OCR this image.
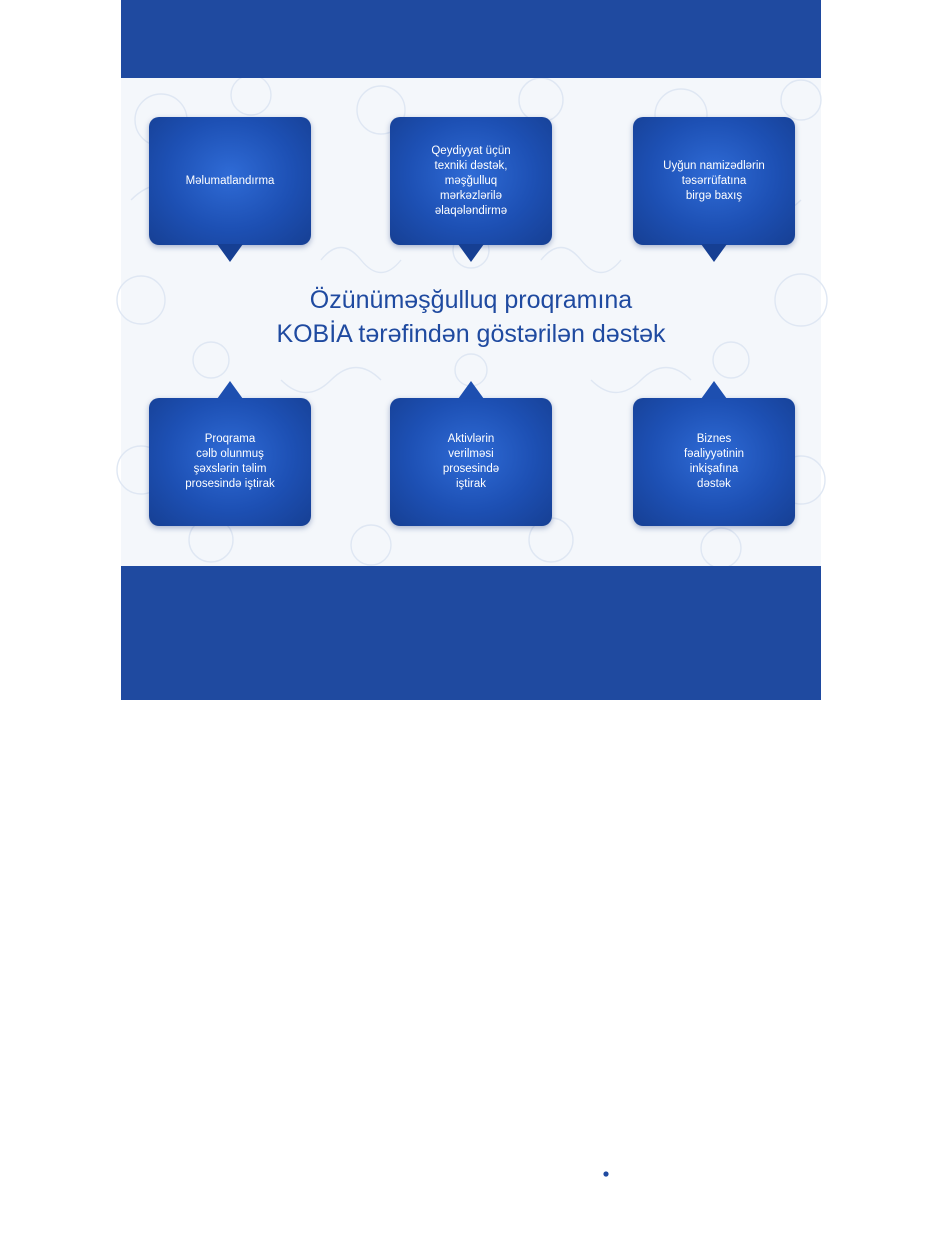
Məlumatlandırma
Qeydiyyat üçün
texniki dəstək,
məşğulluq
mərkəzlərilə
əlaqələndirmə
Uyğun namizədlərin
təsərrüfatına
birgə baxış
Özünüməşğulluq proqramına
KOBİA tərəfindən göstərilən dəstək
Proqrama
cəlb olunmuş
şəxslərin təlim
prosesində iştirak
Aktivlərin
verilməsi
prosesində
iştirak
Biznes
fəaliyyətinin
inkişafına
dəstək
Azərbaycan Respublikası
Əmək və Əhalinin
Sosial Müdafiəsi Nazirliyi
Dövlət
Məşğulluq
Agentliyi
KOB
Azərbaycan Respublikasının
Kiçik və Orta Biznesin
İnkişafı Agentliyi
